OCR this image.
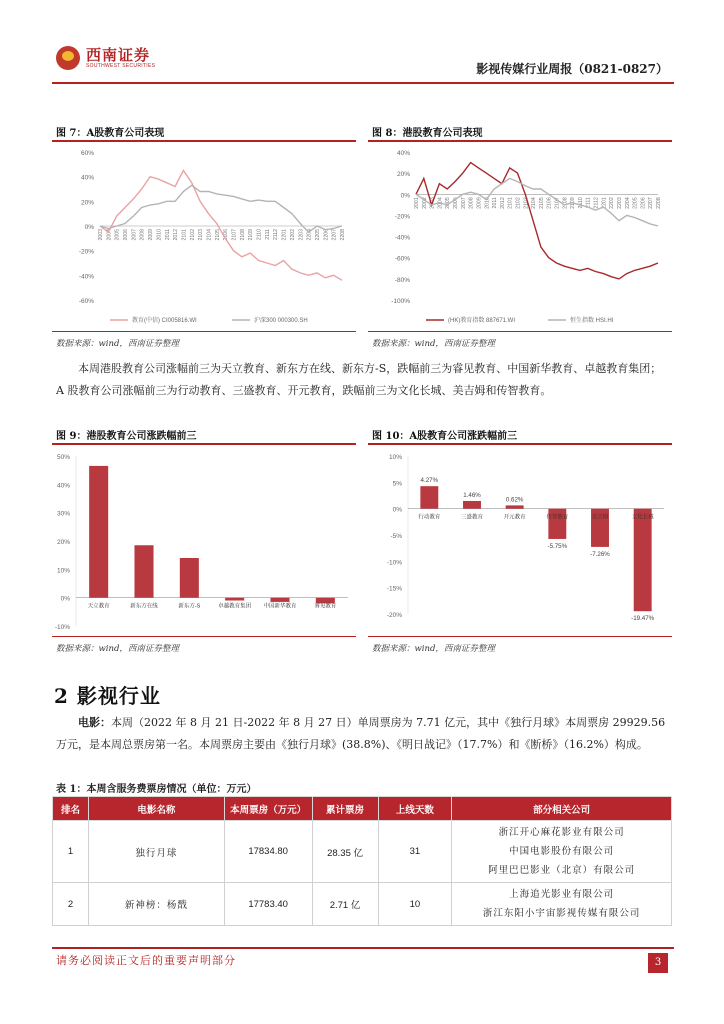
西南证券
SOUTHWEST SECURITIES	影视传媒行业周报（0821-0827）
图 7：A股教育公司表现	图 8：港股教育公司表现
60%
40%
20%
0%
-20%
-40%
-60%
2003 2004 2005 2006 2007 2008 2009 2010 2011 2012 2101 2102 2103 2104 2105 2106 2107 2108 2109 2110 2111 2112 2201 2202 2203 2204 2205 2206 2207 2208
教育(中信) CI005816.WI	沪深300 000300.SH
40%
20%
0%
-20%
-40%
-60%
-80%
-100%
2001 2002 2003 2004 2005 2006 2007 2008 2009 2010 2011 2012 2101 2102 2103 2104 2105 2106 2107 2108 2109 2110 2111 2112 2201 2202 2203 2204 2205 2206 2207 2208
(HK)教育指数 887671.WI	恒生指数 HSI.HI
数据来源：wind，西南证券整理	数据来源：wind，西南证券整理
本周港股教育公司涨幅前三为天立教育、新东方在线、新东方-S，跌幅前三为睿见教育、中国新华教育、卓越教育集团；A 股教育公司涨幅前三为行动教育、三盛教育、开元教育，跌幅前三为文化长城、美吉姆和传智教育。
图 9：港股教育公司涨跌幅前三	图 10：A股教育公司涨跌幅前三
50%
40%
30%
20%
10%
0%
-10%
天立教育	新东方在线	新东方-S	卓越教育集团 中国新华教育	睿见教育
10%
5%
0%
-5%
-10%
-15%
-20%
行动教育
4.27%
三盛教育
1.46%
开元教育
0.62%
传智教育
-5.75%
美吉姆
-7.26%
文化长城
-19.47%
数据来源：wind，西南证券整理	数据来源：wind，西南证券整理
2 影视行业
电影：本周（2022 年 8 月 21 日-2022 年 8 月 27 日）单周票房为 7.71 亿元，其中《独行月球》本周票房 29929.56 万元，是本周总票房第一名。本周票房主要由《独行月球》(38.8%)、《明日战记》（17.7%）和《断桥》（16.2%）构成。
表 1：本周含服务费票房情况（单位：万元）
排名	电影名称	本周票房（万元）	累计票房	上线天数	部分相关公司
1	独行月球	17834.80	28.35 亿	31	浙江开心麻花影业有限公司
中国电影股份有限公司
阿里巴巴影业（北京）有限公司

2	新神榜：杨戬	17783.40	2.71 亿	10	上海追光影业有限公司
浙江东阳小宇宙影视传媒有限公司
请务必阅读正文后的重要声明部分	3
